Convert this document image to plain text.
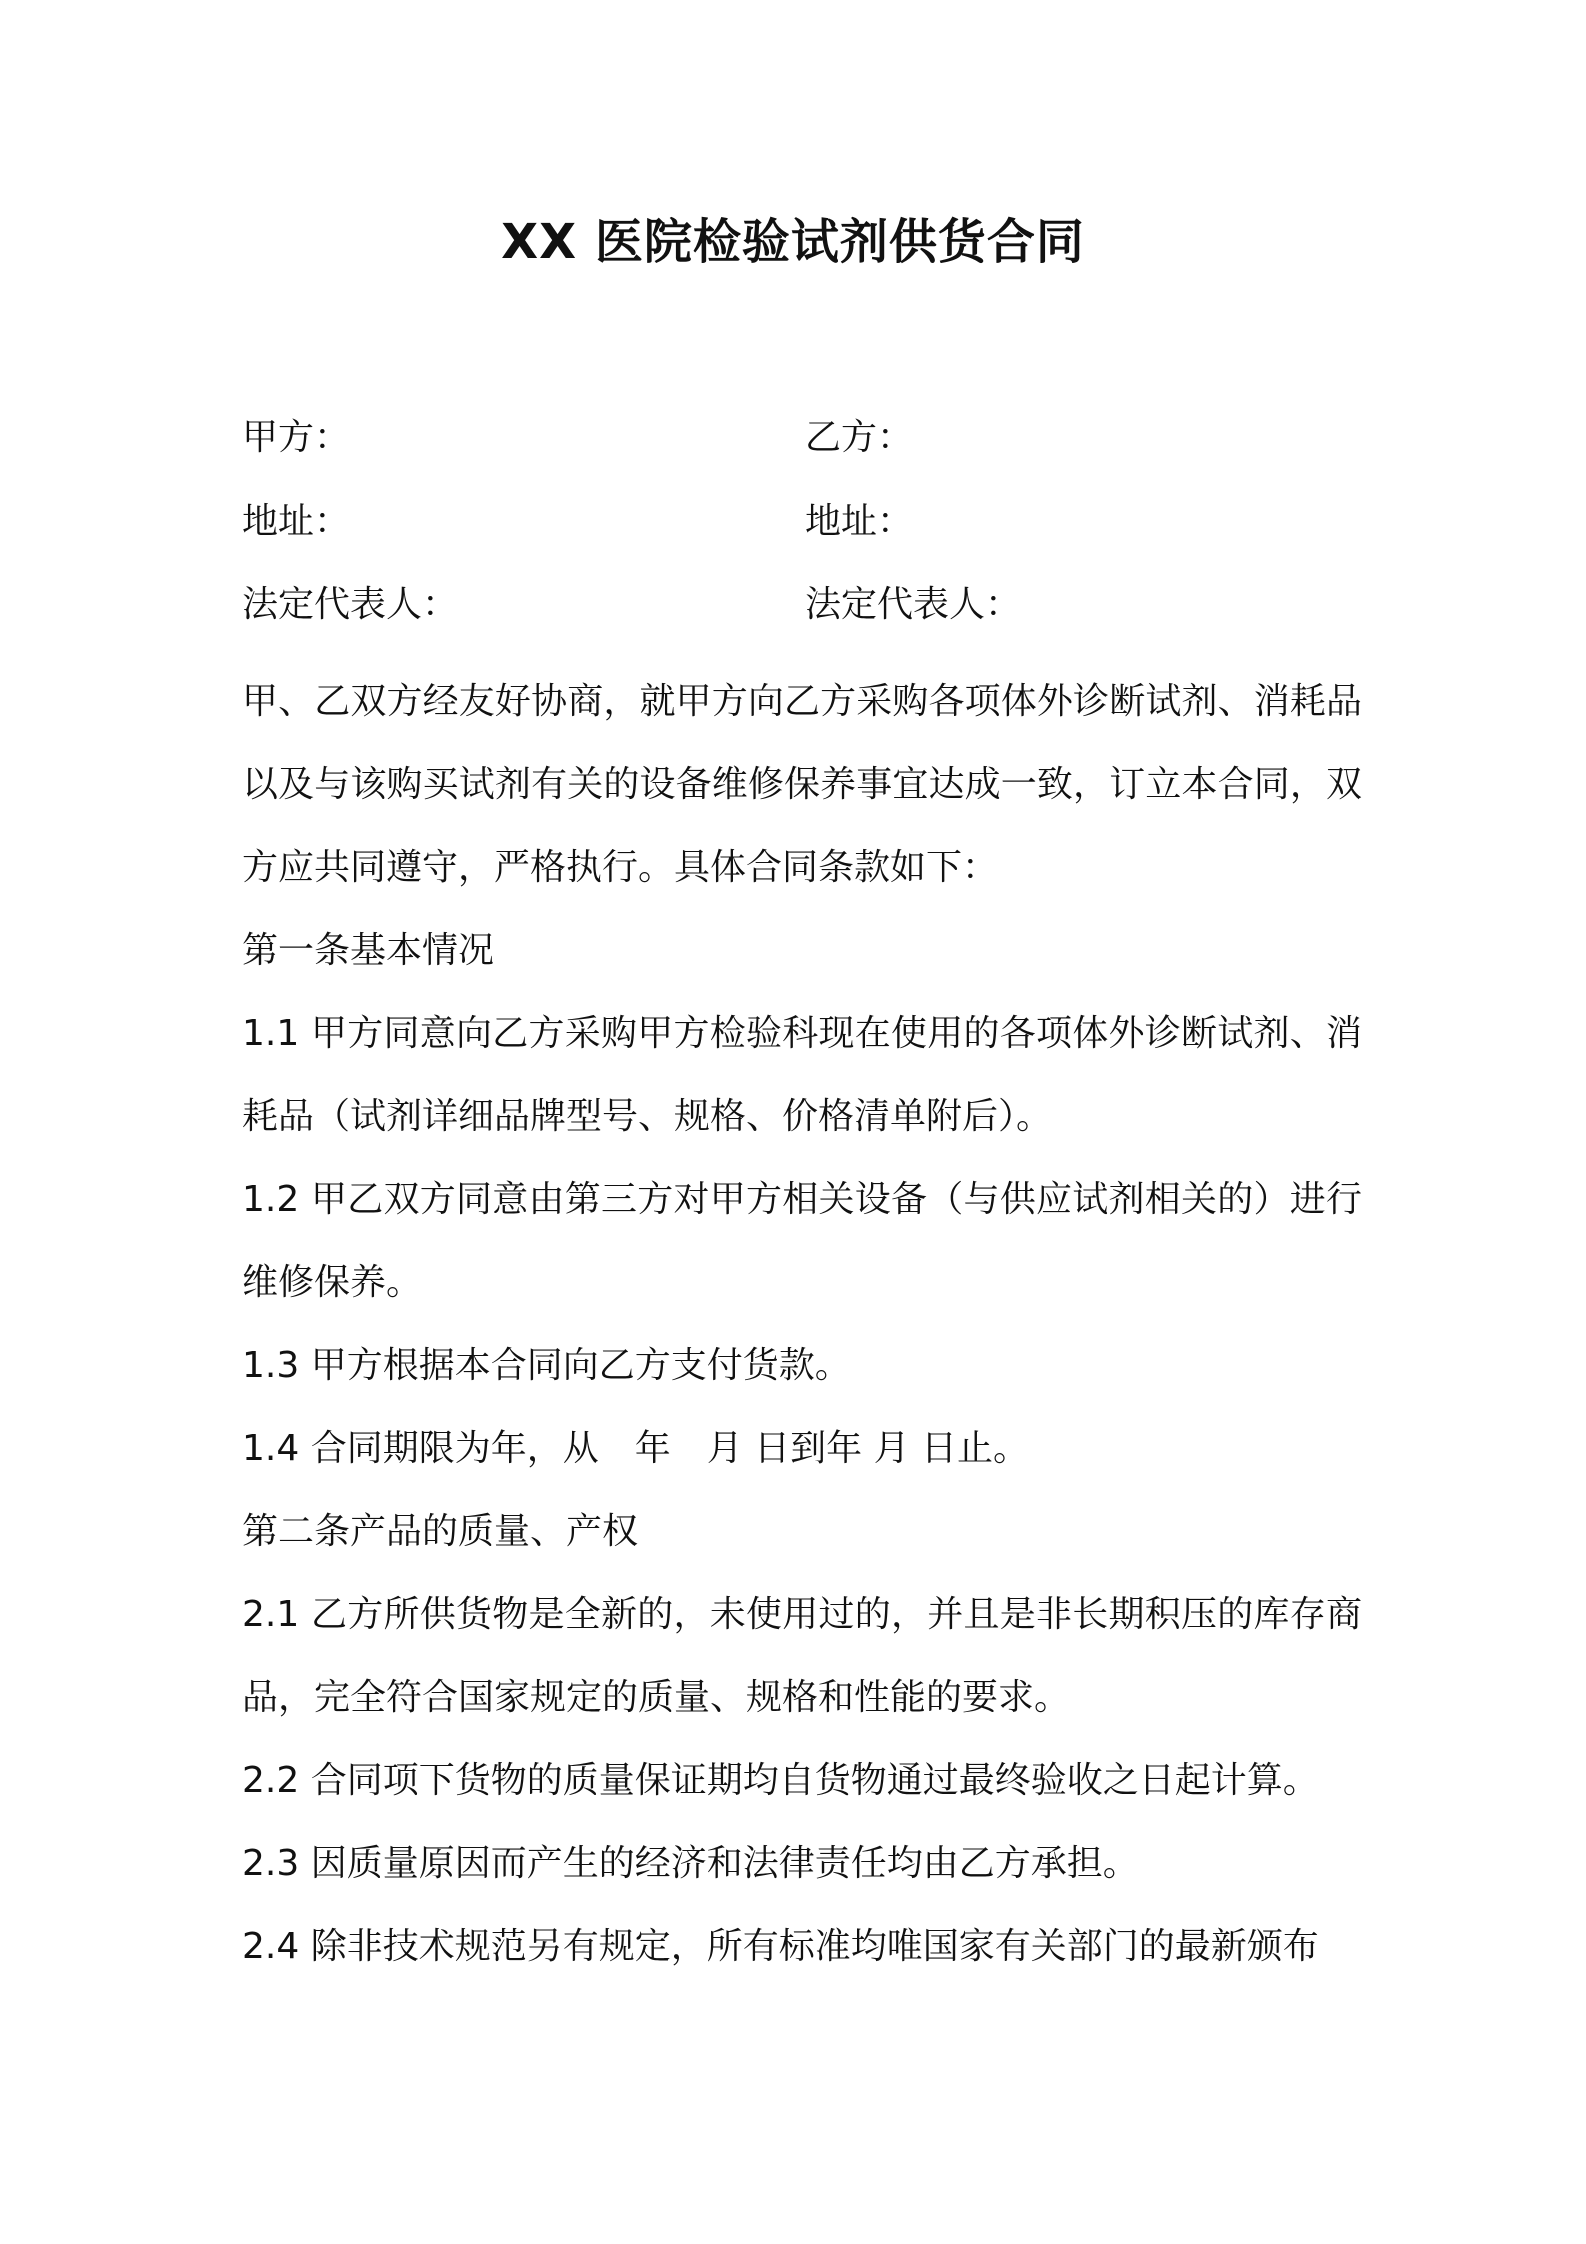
XX 医院检验试剂供货合同
甲方：	乙方：
地址：	地址：
法定代表人：	法定代表人：

甲、乙双方经友好协商，就甲方向乙方采购各项体外诊断试剂、消耗品以及与该购买试剂有关的设备维修保养事宜达成一致，订立本合同，双方应共同遵守，严格执行。具体合同条款如下：

第一条基本情况

1.1 甲方同意向乙方采购甲方检验科现在使用的各项体外诊断试剂、消耗品（试剂详细品牌型号、规格、价格清单附后）。

1.2 甲乙双方同意由第三方对甲方相关设备（与供应试剂相关的）进行维修保养。

1.3 甲方根据本合同向乙方支付货款。

1.4 合同期限为年，从　年　月 日到年 月 日止。

第二条产品的质量、产权

2.1 乙方所供货物是全新的，未使用过的，并且是非长期积压的库存商品，完全符合国家规定的质量、规格和性能的要求。

2.2 合同项下货物的质量保证期均自货物通过最终验收之日起计算。

2.3 因质量原因而产生的经济和法律责任均由乙方承担。

2.4 除非技术规范另有规定，所有标准均唯国家有关部门的最新颁布
